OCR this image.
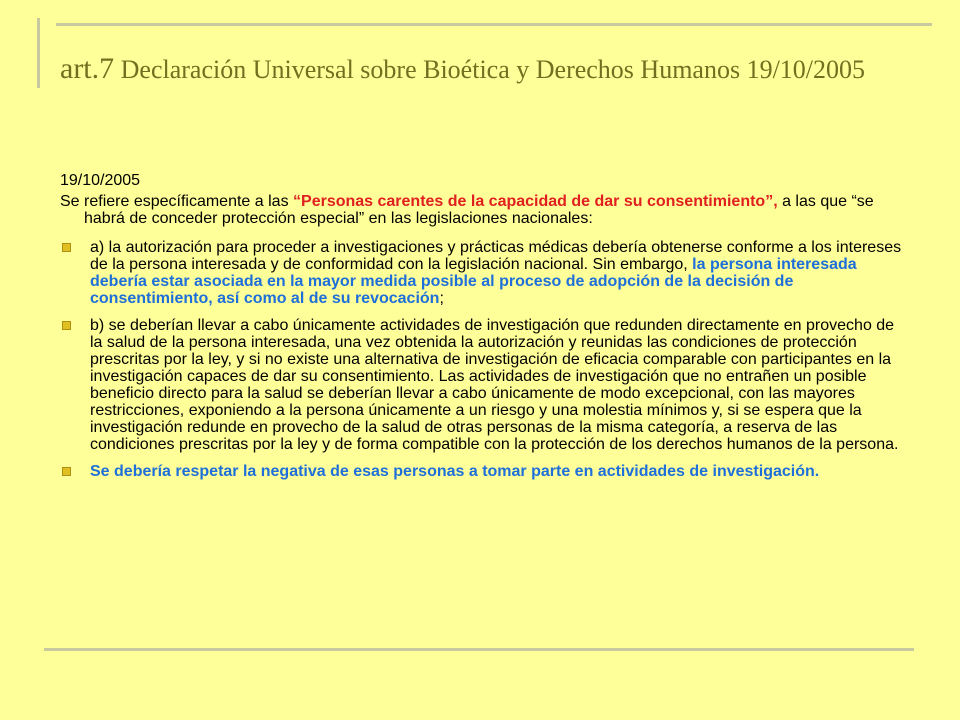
art.7 Declaración Universal sobre Bioética y Derechos Humanos 19/10/2005

19/10/2005

Se refiere específicamente a las “Personas carentes de la capacidad de dar su consentimiento”, a las que “se habrá de conceder protección especial” en las legislaciones nacionales:

a) la autorización para proceder a investigaciones y prácticas médicas debería obtenerse conforme a los intereses de la persona interesada y de conformidad con la legislación nacional. Sin embargo, la persona interesada debería estar asociada en la mayor medida posible al proceso de adopción de la decisión de consentimiento, así como al de su revocación;
b) se deberían llevar a cabo únicamente actividades de investigación que redunden directamente en provecho de la salud de la persona interesada, una vez obtenida la autorización y reunidas las condiciones de protección prescritas por la ley, y si no existe una alternativa de investigación de eficacia comparable con participantes en la investigación capaces de dar su consentimiento. Las actividades de investigación que no entrañen un posible beneficio directo para la salud se deberían llevar a cabo únicamente de modo excepcional, con las mayores restricciones, exponiendo a la persona únicamente a un riesgo y una molestia mínimos y, si se espera que la investigación redunde en provecho de la salud de otras personas de la misma categoría, a reserva de las condiciones prescritas por la ley y de forma compatible con la protección de los derechos humanos de la persona.
Se debería respetar la negativa de esas personas a tomar parte en actividades de investigación.
